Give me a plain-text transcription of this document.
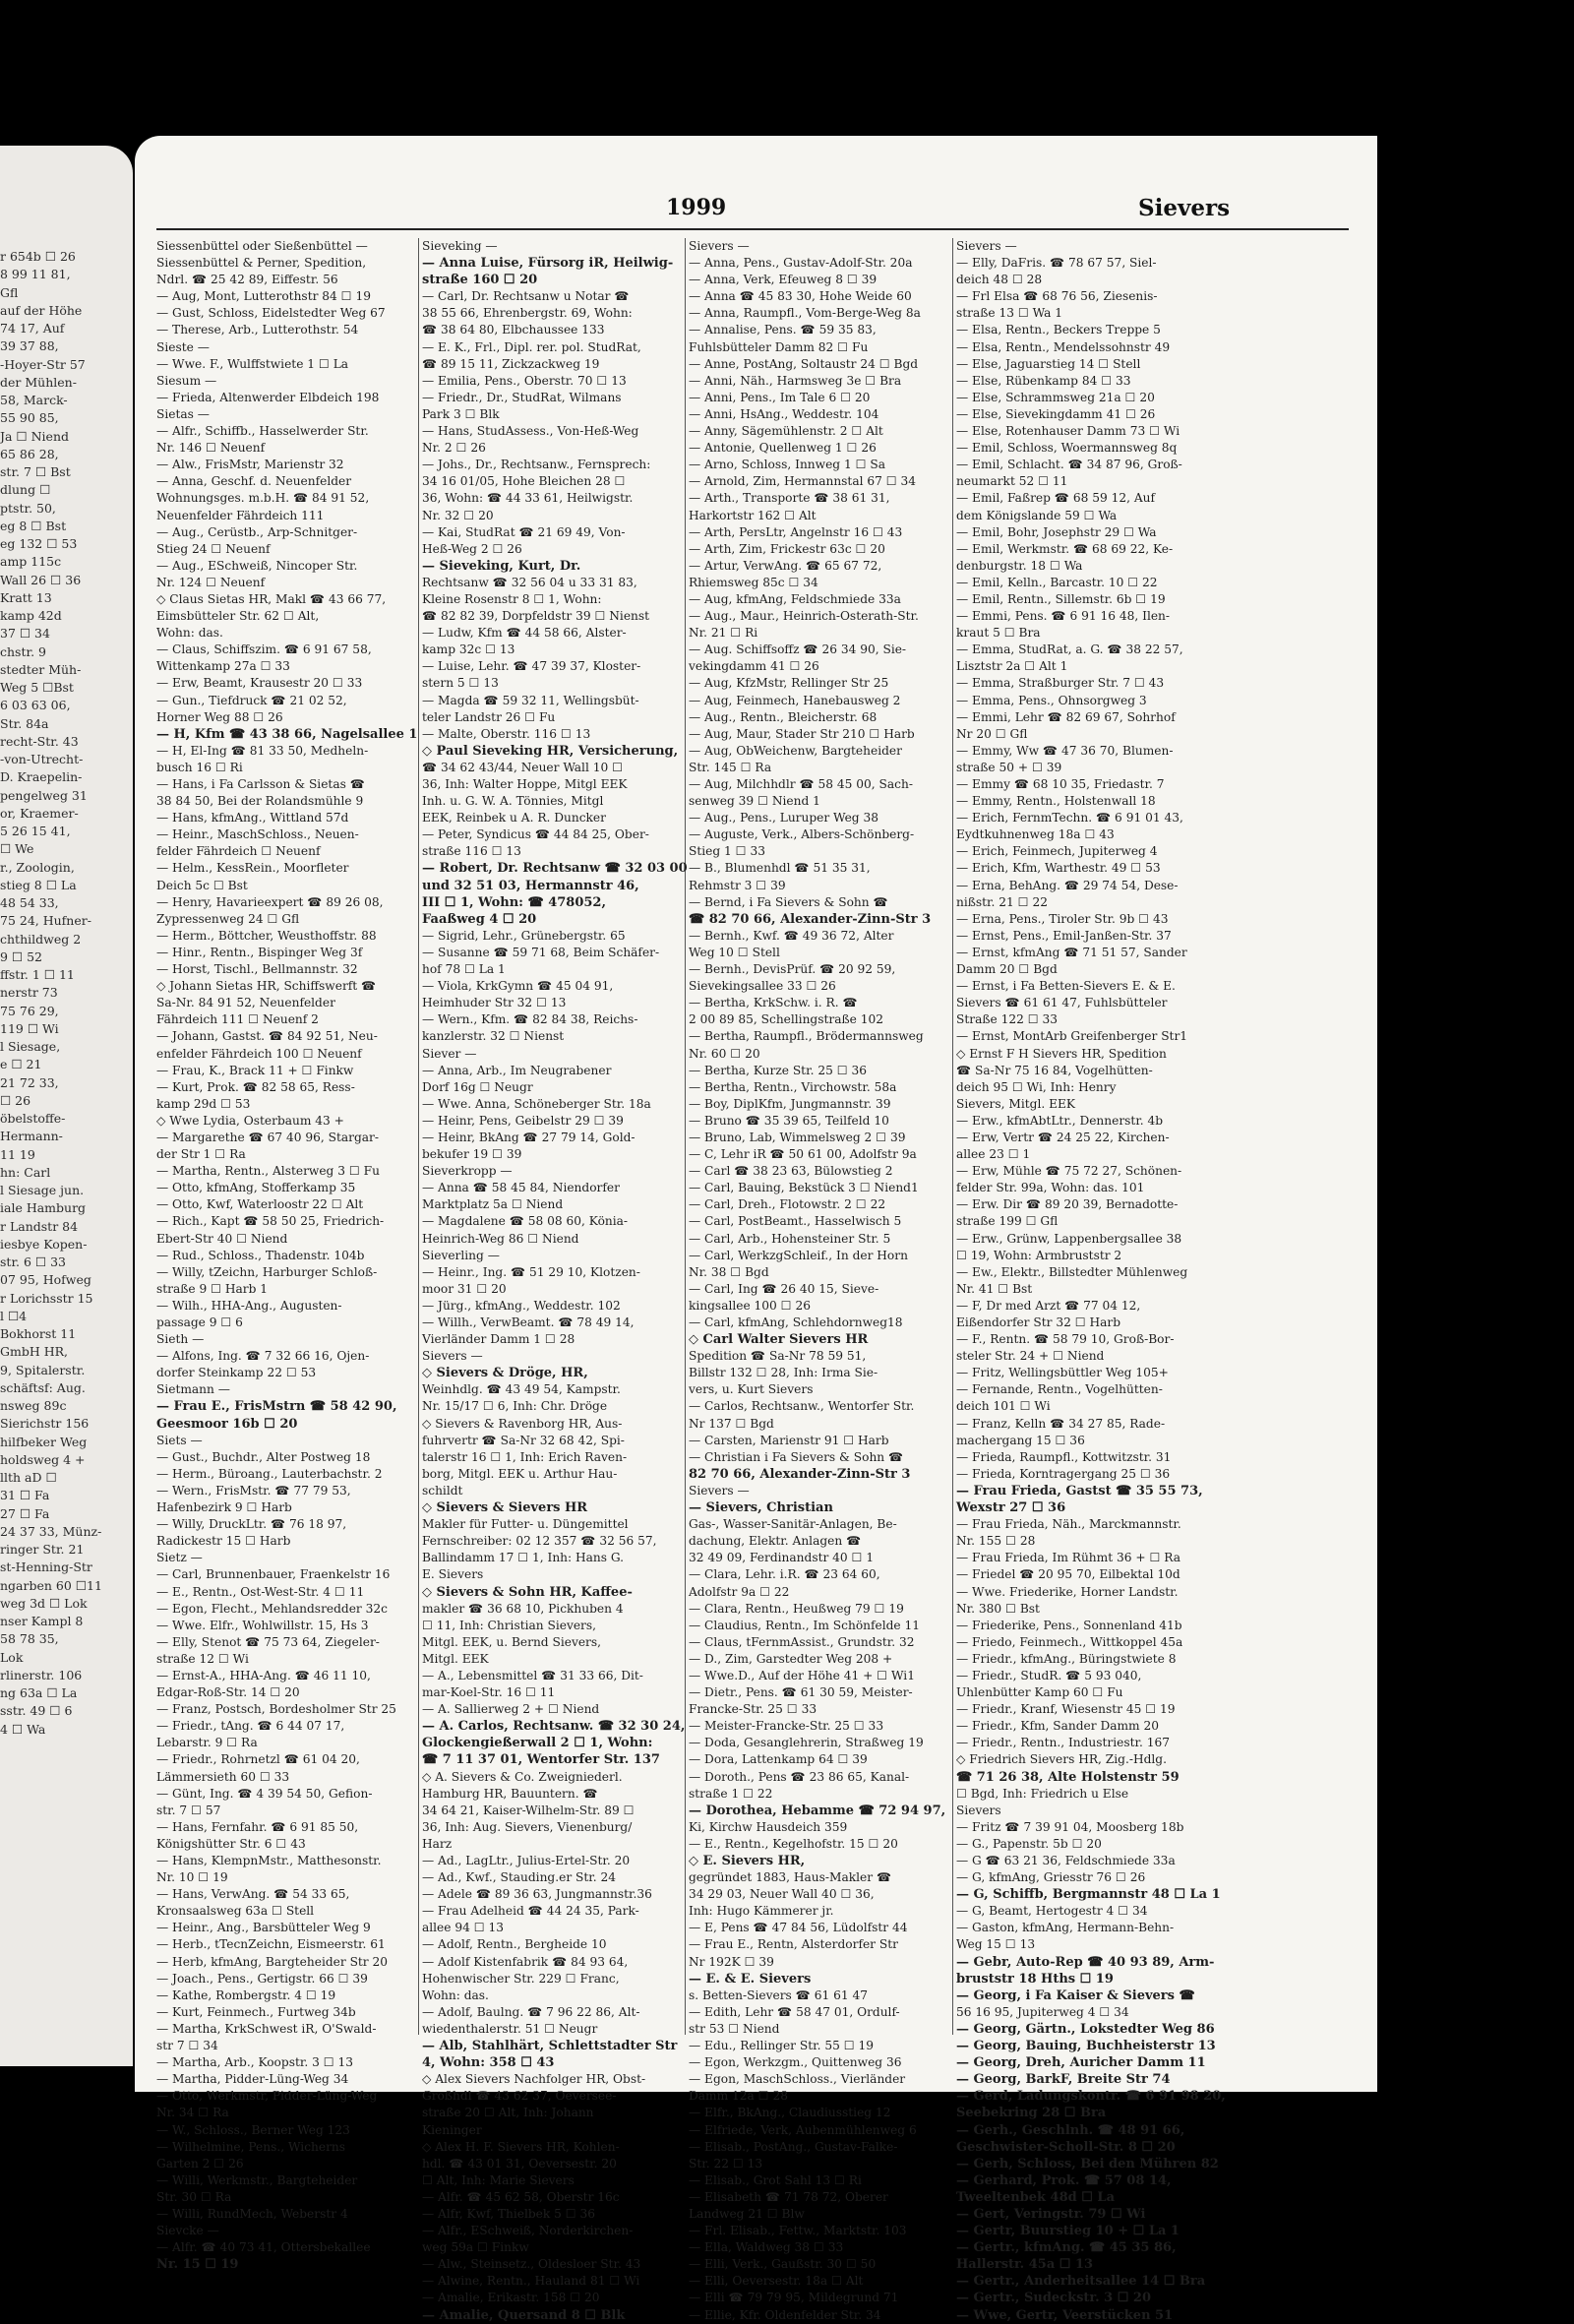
r 654b ☐ 26
8 99 11 81,
Gfl
auf der Höhe
74 17, Auf
39 37 88,
-Hoyer-Str 57
der Mühlen-
58, Marck-
55 90 85,
Ja ☐ Niend
65 86 28,
str. 7 ☐ Bst
dlung ☐
ptstr. 50,
eg 8 ☐ Bst
eg 132 ☐ 53
amp 115c
Wall 26 ☐ 36
Kratt 13
kamp 42d
37 ☐ 34
chstr. 9
stedter Müh-
Weg 5 ☐Bst
6 03 63 06,
Str. 84a
recht-Str. 43
-von-Utrecht-
D. Kraepelin-
pengelweg 31
or, Kraemer-
5 26 15 41,
☐ We
r., Zoologin,
stieg 8 ☐ La
48 54 33,
75 24, Hufner-
chthildweg 2
9 ☐ 52
ffstr. 1 ☐ 11
nerstr 73
75 76 29,
119 ☐ Wi
l Siesage,
e ☐ 21
21 72 33,
☐ 26
öbelstoffe-
Hermann-
11 19
hn: Carl
l Siesage jun.
iale Hamburg
r Landstr 84
iesbye Kopen-
str. 6 ☐ 33
07 95, Hofweg
r Lorichsstr 15
l ☐4
Bokhorst 11
GmbH HR,
9, Spitalerstr.
schäftsf: Aug.
nsweg 89c
Sierichstr 156
hilfbeker Weg
holdsweg 4 +
llth aD ☐
31 ☐ Fa
27 ☐ Fa
24 37 33, Münz-
ringer Str. 21
st-Henning-Str
ngarben 60 ☐11
weg 3d ☐ Lok
nser Kampl 8
58 78 35,
Lok
rlinerstr. 106
ng 63a ☐ La
sstr. 49 ☐ 6
4 ☐ Wa
1999	Sievers
Siessenbüttel oder Sießenbüttel —
Siessenbüttel & Perner, Spedition,
Ndrl. ☎ 25 42 89, Eiffestr. 56
— Aug, Mont, Lutterothstr 84 ☐ 19
— Gust, Schloss, Eidelstedter Weg 67
— Therese, Arb., Lutterothstr. 54
Sieste —
— Wwe. F., Wulffstwiete 1 ☐ La
Siesum —
— Frieda, Altenwerder Elbdeich 198
Sietas —
— Alfr., Schiffb., Hasselwerder Str.
Nr. 146 ☐ Neuenf
— Alw., FrisMstr, Marienstr 32
— Anna, Geschf. d. Neuenfelder
Wohnungsges. m.b.H. ☎ 84 91 52,
Neuenfelder Fährdeich 111
— Aug., Cerüstb., Arp-Schnitger-
Stieg 24 ☐ Neuenf
— Aug., ESchweiß, Nincoper Str.
Nr. 124 ☐ Neuenf
◇ Claus Sietas HR, Makl ☎ 43 66 77,
Eimsbütteler Str. 62 ☐ Alt,
Wohn: das.
— Claus, Schiffszim. ☎ 6 91 67 58,
Wittenkamp 27a ☐ 33
— Erw, Beamt, Krausestr 20 ☐ 33
— Gun., Tiefdruck ☎ 21 02 52,
Horner Weg 88 ☐ 26
— H, Kfm ☎ 43 38 66, Nagelsallee 1
— H, El-Ing ☎ 81 33 50, Medheln-
busch 16 ☐ Ri
— Hans, i Fa Carlsson & Sietas ☎
38 84 50, Bei der Rolandsmühle 9
— Hans, kfmAng., Wittland 57d
— Heinr., MaschSchloss., Neuen-
felder Fährdeich ☐ Neuenf
— Helm., KessRein., Moorfleter
Deich 5c ☐ Bst
— Henry, Havarieexpert ☎ 89 26 08,
Zypressenweg 24 ☐ Gfl
— Herm., Böttcher, Weusthoffstr. 88
— Hinr., Rentn., Bispinger Weg 3f
— Horst, Tischl., Bellmannstr. 32
◇ Johann Sietas HR, Schiffswerft ☎
Sa-Nr. 84 91 52, Neuenfelder
Fährdeich 111 ☐ Neuenf 2
— Johann, Gastst. ☎ 84 92 51, Neu-
enfelder Fährdeich 100 ☐ Neuenf
— Frau, K., Brack 11 + ☐ Finkw
— Kurt, Prok. ☎ 82 58 65, Ress-
kamp 29d ☐ 53
◇ Wwe Lydia, Osterbaum 43 +
— Margarethe ☎ 67 40 96, Stargar-
der Str 1 ☐ Ra
— Martha, Rentn., Alsterweg 3 ☐ Fu
— Otto, kfmAng, Stofferkamp 35
— Otto, Kwf, Waterloostr 22 ☐ Alt
— Rich., Kapt ☎ 58 50 25, Friedrich-
Ebert-Str 40 ☐ Niend
— Rud., Schloss., Thadenstr. 104b
— Willy, tZeichn, Harburger Schloß-
straße 9 ☐ Harb 1
— Wilh., HHA-Ang., Augusten-
passage 9 ☐ 6
Sieth —
— Alfons, Ing. ☎ 7 32 66 16, Ojen-
dorfer Steinkamp 22 ☐ 53
Sietmann —
— Frau E., FrisMstrn ☎ 58 42 90,
Geesmoor 16b ☐ 20
Siets —
— Gust., Buchdr., Alter Postweg 18
— Herm., Büroang., Lauterbachstr. 2
— Wern., FrisMstr. ☎ 77 79 53,
Hafenbezirk 9 ☐ Harb
— Willy, DruckLtr. ☎ 76 18 97,
Radickestr 15 ☐ Harb
Sietz —
— Carl, Brunnenbauer, Fraenkelstr 16
— E., Rentn., Ost-West-Str. 4 ☐ 11
— Egon, Flecht., Mehlandsredder 32c
— Wwe. Elfr., Wohlwillstr. 15, Hs 3
— Elly, Stenot ☎ 75 73 64, Ziegeler-
straße 12 ☐ Wi
— Ernst-A., HHA-Ang. ☎ 46 11 10,
Edgar-Roß-Str. 14 ☐ 20
— Franz, Postsch, Bordesholmer Str 25
— Friedr., tAng. ☎ 6 44 07 17,
Lebarstr. 9 ☐ Ra
— Friedr., Rohrnetzl ☎ 61 04 20,
Lämmersieth 60 ☐ 33
— Günt, Ing. ☎ 4 39 54 50, Gefion-
str. 7 ☐ 57
— Hans, Fernfahr. ☎ 6 91 85 50,
Königshütter Str. 6 ☐ 43
— Hans, KlempnMstr., Matthesonstr.
Nr. 10 ☐ 19
— Hans, VerwAng. ☎ 54 33 65,
Kronsaalsweg 63a ☐ Stell
— Heinr., Ang., Barsbütteler Weg 9
— Herb., tTecnZeichn, Eismeerstr. 61
— Herb, kfmAng, Bargteheider Str 20
— Joach., Pens., Gertigstr. 66 ☐ 39
— Kathe, Rombergstr. 4 ☐ 19
— Kurt, Feinmech., Furtweg 34b
— Martha, KrkSchwest iR, O'Swald-
str 7 ☐ 34
— Martha, Arb., Koopstr. 3 ☐ 13
— Martha, Pidder-Lüng-Weg 34
— Otto, Werkmstr, Pidder-Lüng-Weg
Nr. 34 ☐ Ra
— W., Schloss., Berner Weg 123
— Wilhelmine, Pens., Wicherns
Garten 2 ☐ 26
— Willi, Werkmstr., Bargteheider
Str. 30 ☐ Ra
— Willi, RundMech, Weberstr 4
Sievcke —
— Alfr. ☎ 40 73 41, Ottersbekallee
Nr. 15 ☐ 19
Sieveking —
— Anna Luise, Fürsorg iR, Heilwig-
straße 160 ☐ 20
— Carl, Dr. Rechtsanw u Notar ☎
38 55 66, Ehrenbergstr. 69, Wohn:
☎ 38 64 80, Elbchaussee 133
— E. K., Frl., Dipl. rer. pol. StudRat,
☎ 89 15 11, Zickzackweg 19
— Emilia, Pens., Oberstr. 70 ☐ 13
— Friedr., Dr., StudRat, Wilmans
Park 3 ☐ Blk
— Hans, StudAssess., Von-Heß-Weg
Nr. 2 ☐ 26
— Johs., Dr., Rechtsanw., Fernsprech:
34 16 01/05, Hohe Bleichen 28 ☐
36, Wohn: ☎ 44 33 61, Heilwigstr.
Nr. 32 ☐ 20
— Kai, StudRat ☎ 21 69 49, Von-
Heß-Weg 2 ☐ 26
— Sieveking, Kurt, Dr.
Rechtsanw ☎ 32 56 04 u 33 31 83,
Kleine Rosenstr 8 ☐ 1, Wohn:
☎ 82 82 39, Dorpfeldstr 39 ☐ Nienst
— Ludw, Kfm ☎ 44 58 66, Alster-
kamp 32c ☐ 13
— Luise, Lehr. ☎ 47 39 37, Kloster-
stern 5 ☐ 13
— Magda ☎ 59 32 11, Wellingsbüt-
teler Landstr 26 ☐ Fu
— Malte, Oberstr. 116 ☐ 13
◇ Paul Sieveking HR, Versicherung,
☎ 34 62 43/44, Neuer Wall 10 ☐
36, Inh: Walter Hoppe, Mitgl EEK
Inh. u. G. W. A. Tönnies, Mitgl
EEK, Reinbek u A. R. Duncker
— Peter, Syndicus ☎ 44 84 25, Ober-
straße 116 ☐ 13
— Robert, Dr. Rechtsanw ☎ 32 03 00
und 32 51 03, Hermannstr 46,
III ☐ 1, Wohn: ☎ 478052,
Faaßweg 4 ☐ 20
— Sigrid, Lehr., Grünebergstr. 65
— Susanne ☎ 59 71 68, Beim Schäfer-
hof 78 ☐ La 1
— Viola, KrkGymn ☎ 45 04 91,
Heimhuder Str 32 ☐ 13
— Wern., Kfm. ☎ 82 84 38, Reichs-
kanzlerstr. 32 ☐ Nienst
Siever —
— Anna, Arb., Im Neugrabener
Dorf 16g ☐ Neugr
— Wwe. Anna, Schöneberger Str. 18a
— Heinr, Pens, Geibelstr 29 ☐ 39
— Heinr, BkAng ☎ 27 79 14, Gold-
bekufer 19 ☐ 39
Sieverkropp —
— Anna ☎ 58 45 84, Niendorfer
Marktplatz 5a ☐ Niend
— Magdalene ☎ 58 08 60, Könia-
Heinrich-Weg 86 ☐ Niend
Sieverling —
— Heinr., Ing. ☎ 51 29 10, Klotzen-
moor 31 ☐ 20
— Jürg., kfmAng., Weddestr. 102
— Willh., VerwBeamt. ☎ 78 49 14,
Vierländer Damm 1 ☐ 28
Sievers —
◇ Sievers & Dröge, HR,
Weinhdlg. ☎ 43 49 54, Kampstr.
Nr. 15/17 ☐ 6, Inh: Chr. Dröge
◇ Sievers & Ravenborg HR, Aus-
fuhrvertr ☎ Sa-Nr 32 68 42, Spi-
talerstr 16 ☐ 1, Inh: Erich Raven-
borg, Mitgl. EEK u. Arthur Hau-
schildt
◇ Sievers & Sievers HR
Makler für Futter- u. Düngemittel
Fernschreiber: 02 12 357 ☎ 32 56 57,
Ballindamm 17 ☐ 1, Inh: Hans G.
E. Sievers
◇ Sievers & Sohn HR, Kaffee-
makler ☎ 36 68 10, Pickhuben 4
☐ 11, Inh: Christian Sievers,
Mitgl. EEK, u. Bernd Sievers,
Mitgl. EEK
— A., Lebensmittel ☎ 31 33 66, Dit-
mar-Koel-Str. 16 ☐ 11
— A. Sallierweg 2 + ☐ Niend
— A. Carlos, Rechtsanw. ☎ 32 30 24,
Glockengießerwall 2 ☐ 1, Wohn:
☎ 7 11 37 01, Wentorfer Str. 137
◇ A. Sievers & Co. Zweigniederl.
Hamburg HR, Bauuntern. ☎
34 64 21, Kaiser-Wilhelm-Str. 89 ☐
36, Inh: Aug. Sievers, Vienenburg/
Harz
— Ad., LagLtr., Julius-Ertel-Str. 20
— Ad., Kwf., Stauding.er Str. 24
— Adele ☎ 89 36 63, Jungmannstr.36
— Frau Adelheid ☎ 44 24 35, Park-
allee 94 ☐ 13
— Adolf, Rentn., Bergheide 10
— Adolf Kistenfabrik ☎ 84 93 64,
Hohenwischer Str. 229 ☐ Franc,
Wohn: das.
— Adolf, Baulng. ☎ 7 96 22 86, Alt-
wiedenthalerstr. 51 ☐ Neugr
— Alb, Stahlhärt, Schlettstadter Str
4, Wohn: 358 ☐ 43
◇ Alex Sievers Nachfolger HR, Obst-
Großhdl ☎ 43 62 37, Oeversee-
straße 20 ☐ Alt, Inh: Johann
Kieninger
◇ Alex H. F. Sievers HR, Kohlen-
hdl. ☎ 43 01 31, Oeversestr. 20
☐ Alt, Inh: Marie Sievers
— Alfr. ☎ 45 62 58, Oberstr 16c
— Alfr, Kwf, Thielbek 5 ☐ 36
— Alfr., ESchweiß, Norderkirchen-
weg 59a ☐ Finkw
— Alw., Steinsetz., Oldesloer Str. 43
— Alwine, Rentn., Hauland 81 ☐ Wi
— Amalie, Erikastr. 158 ☐ 20
— Amalie, Quersand 8 ☐ Blk
Sievers —
— Anna, Pens., Gustav-Adolf-Str. 20a
— Anna, Verk, Efeuweg 8 ☐ 39
— Anna ☎ 45 83 30, Hohe Weide 60
— Anna, Raumpfl., Vom-Berge-Weg 8a
— Annalise, Pens. ☎ 59 35 83,
Fuhlsbütteler Damm 82 ☐ Fu
— Anne, PostAng, Soltaustr 24 ☐ Bgd
— Anni, Näh., Harmsweg 3e ☐ Bra
— Anni, Pens., Im Tale 6 ☐ 20
— Anni, HsAng., Weddestr. 104
— Anny, Sägemühlenstr. 2 ☐ Alt
— Antonie, Quellenweg 1 ☐ 26
— Arno, Schloss, Innweg 1 ☐ Sa
— Arnold, Zim, Hermannstal 67 ☐ 34
— Arth., Transporte ☎ 38 61 31,
Harkortstr 162 ☐ Alt
— Arth, PersLtr, Angelnstr 16 ☐ 43
— Arth, Zim, Frickestr 63c ☐ 20
— Artur, VerwAng. ☎ 65 67 72,
Rhiemsweg 85c ☐ 34
— Aug, kfmAng, Feldschmiede 33a
— Aug., Maur., Heinrich-Osterath-Str.
Nr. 21 ☐ Ri
— Aug. Schiffsoffz ☎ 26 34 90, Sie-
vekingdamm 41 ☐ 26
— Aug, KfzMstr, Rellinger Str 25
— Aug, Feinmech, Hanebausweg 2
— Aug., Rentn., Bleicherstr. 68
— Aug, Maur, Stader Str 210 ☐ Harb
— Aug, ObWeichenw, Bargteheider
Str. 145 ☐ Ra
— Aug, Milchhdlr ☎ 58 45 00, Sach-
senweg 39 ☐ Niend 1
— Aug., Pens., Luruper Weg 38
— Auguste, Verk., Albers-Schönberg-
Stieg 1 ☐ 33
— B., Blumenhdl ☎ 51 35 31,
Rehmstr 3 ☐ 39
— Bernd, i Fa Sievers & Sohn ☎
☎ 82 70 66, Alexander-Zinn-Str 3
— Bernh., Kwf. ☎ 49 36 72, Alter
Weg 10 ☐ Stell
— Bernh., DevisPrüf. ☎ 20 92 59,
Sievekingsallee 33 ☐ 26
— Bertha, KrkSchw. i. R. ☎
2 00 89 85, Schellingstraße 102
— Bertha, Raumpfl., Brödermannsweg
Nr. 60 ☐ 20
— Bertha, Kurze Str. 25 ☐ 36
— Bertha, Rentn., Virchowstr. 58a
— Boy, DiplKfm, Jungmannstr. 39
— Bruno ☎ 35 39 65, Teilfeld 10
— Bruno, Lab, Wimmelsweg 2 ☐ 39
— C, Lehr iR ☎ 50 61 00, Adolfstr 9a
— Carl ☎ 38 23 63, Bülowstieg 2
— Carl, Bauing, Bekstück 3 ☐ Niend1
— Carl, Dreh., Flotowstr. 2 ☐ 22
— Carl, PostBeamt., Hasselwisch 5
— Carl, Arb., Hohensteiner Str. 5
— Carl, WerkzgSchleif., In der Horn
Nr. 38 ☐ Bgd
— Carl, Ing ☎ 26 40 15, Sieve-
kingsallee 100 ☐ 26
— Carl, kfmAng, Schlehdornweg18
◇ Carl Walter Sievers HR
Spedition ☎ Sa-Nr 78 59 51,
Billstr 132 ☐ 28, Inh: Irma Sie-
vers, u. Kurt Sievers
— Carlos, Rechtsanw., Wentorfer Str.
Nr 137 ☐ Bgd
— Carsten, Marienstr 91 ☐ Harb
— Christian i Fa Sievers & Sohn ☎
82 70 66, Alexander-Zinn-Str 3
Sievers —
— Sievers, Christian
Gas-, Wasser-Sanitär-Anlagen, Be-
dachung, Elektr. Anlagen ☎
32 49 09, Ferdinandstr 40 ☐ 1
— Clara, Lehr. i.R. ☎ 23 64 60,
Adolfstr 9a ☐ 22
— Clara, Rentn., Heußweg 79 ☐ 19
— Claudius, Rentn., Im Schönfelde 11
— Claus, tFernmAssist., Grundstr. 32
— D., Zim, Garstedter Weg 208 +
— Wwe.D., Auf der Höhe 41 + ☐ Wi1
— Dietr., Pens. ☎ 61 30 59, Meister-
Francke-Str. 25 ☐ 33
— Meister-Francke-Str. 25 ☐ 33
— Doda, Gesanglehrerin, Straßweg 19
— Dora, Lattenkamp 64 ☐ 39
— Doroth., Pens ☎ 23 86 65, Kanal-
straße 1 ☐ 22
— Dorothea, Hebamme ☎ 72 94 97,
Ki, Kirchw Hausdeich 359
— E., Rentn., Kegelhofstr. 15 ☐ 20
◇ E. Sievers HR,
gegründet 1883, Haus-Makler ☎
34 29 03, Neuer Wall 40 ☐ 36,
Inh: Hugo Kämmerer jr.
— E, Pens ☎ 47 84 56, Lüdolfstr 44
— Frau E., Rentn, Alsterdorfer Str
Nr 192K ☐ 39
— E. & E. Sievers
s. Betten-Sievers ☎ 61 61 47
— Edith, Lehr ☎ 58 47 01, Ordulf-
str 53 ☐ Niend
— Edu., Rellinger Str. 55 ☐ 19
— Egon, Werkzgm., Quittenweg 36
— Egon, MaschSchloss., Vierländer
Damm 12a ☐ 28
— Elfr., BkAng., Claudiusstieg 12
— Elfriede, Verk, Aubenmühlenweg 6
— Elisab., PostAng., Gustav-Falke-
Str. 22 ☐ 13
— Elisab., Grot Sahl 13 ☐ Ri
— Elisabeth ☎ 71 78 72, Oberer
Landweg 21 ☐ Blw
— Frl. Elisab., Fettw., Marktstr. 103
— Ella, Waldweg 38 ☐ 33
— Elli, Verk., Gaußstr. 30 ☐ 50
— Elli, Oeversestr. 18a ☐ Alt
— Elli ☎ 79 79 95, Mildegrund 71
— Ellie, Kfr. Oldenfelder Str. 34
Sievers —
— Elly, DaFris. ☎ 78 67 57, Siel-
deich 48 ☐ 28
— Frl Elsa ☎ 68 76 56, Ziesenis-
straße 13 ☐ Wa 1
— Elsa, Rentn., Beckers Treppe 5
— Elsa, Rentn., Mendelssohnstr 49
— Else, Jaguarstieg 14 ☐ Stell
— Else, Rübenkamp 84 ☐ 33
— Else, Schrammsweg 21a ☐ 20
— Else, Sievekingdamm 41 ☐ 26
— Else, Rotenhauser Damm 73 ☐ Wi
— Emil, Schloss, Woermannsweg 8q
— Emil, Schlacht. ☎ 34 87 96, Groß-
neumarkt 52 ☐ 11
— Emil, Faßrep ☎ 68 59 12, Auf
dem Königslande 59 ☐ Wa
— Emil, Bohr, Josephstr 29 ☐ Wa
— Emil, Werkmstr. ☎ 68 69 22, Ke-
denburgstr. 18 ☐ Wa
— Emil, Kelln., Barcastr. 10 ☐ 22
— Emil, Rentn., Sillemstr. 6b ☐ 19
— Emmi, Pens. ☎ 6 91 16 48, Ilen-
kraut 5 ☐ Bra
— Emma, StudRat, a. G. ☎ 38 22 57,
Lisztstr 2a ☐ Alt 1
— Emma, Straßburger Str. 7 ☐ 43
— Emma, Pens., Ohnsorgweg 3
— Emmi, Lehr ☎ 82 69 67, Sohrhof
Nr 20 ☐ Gfl
— Emmy, Ww ☎ 47 36 70, Blumen-
straße 50 + ☐ 39
— Emmy ☎ 68 10 35, Friedastr. 7
— Emmy, Rentn., Holstenwall 18
— Erich, FernmTechn. ☎ 6 91 01 43,
Eydtkuhnenweg 18a ☐ 43
— Erich, Feinmech, Jupiterweg 4
— Erich, Kfm, Warthestr. 49 ☐ 53
— Erna, BehAng. ☎ 29 74 54, Dese-
nißstr. 21 ☐ 22
— Erna, Pens., Tiroler Str. 9b ☐ 43
— Ernst, Pens., Emil-Janßen-Str. 37
— Ernst, kfmAng ☎ 71 51 57, Sander
Damm 20 ☐ Bgd
— Ernst, i Fa Betten-Sievers E. & E.
Sievers ☎ 61 61 47, Fuhlsbütteler
Straße 122 ☐ 33
— Ernst, MontArb Greifenberger Str1
◇ Ernst F H Sievers HR, Spedition
☎ Sa-Nr 75 16 84, Vogelhütten-
deich 95 ☐ Wi, Inh: Henry
Sievers, Mitgl. EEK
— Erw., kfmAbtLtr., Dennerstr. 4b
— Erw, Vertr ☎ 24 25 22, Kirchen-
allee 23 ☐ 1
— Erw, Mühle ☎ 75 72 27, Schönen-
felder Str. 99a, Wohn: das. 101
— Erw. Dir ☎ 89 20 39, Bernadotte-
straße 199 ☐ Gfl
— Erw., Grünw, Lappenbergsallee 38
☐ 19, Wohn: Armbruststr 2
— Ew., Elektr., Billstedter Mühlenweg
Nr. 41 ☐ Bst
— F, Dr med Arzt ☎ 77 04 12,
Eißendorfer Str 32 ☐ Harb
— F., Rentn. ☎ 58 79 10, Groß-Bor-
steler Str. 24 + ☐ Niend
— Fritz, Wellingsbüttler Weg 105+
— Fernande, Rentn., Vogelhütten-
deich 101 ☐ Wi
— Franz, Kelln ☎ 34 27 85, Rade-
machergang 15 ☐ 36
— Frieda, Raumpfl., Kottwitzstr. 31
— Frieda, Korntragergang 25 ☐ 36
— Frau Frieda, Gastst ☎ 35 55 73,
Wexstr 27 ☐ 36
— Frau Frieda, Näh., Marckmannstr.
Nr. 155 ☐ 28
— Frau Frieda, Im Rühmt 36 + ☐ Ra
— Friedel ☎ 20 95 70, Eilbektal 10d
— Wwe. Friederike, Horner Landstr.
Nr. 380 ☐ Bst
— Friederike, Pens., Sonnenland 41b
— Friedo, Feinmech., Wittkoppel 45a
— Friedr., kfmAng., Büringstwiete 8
— Friedr., StudR. ☎ 5 93 040,
Uhlenbütter Kamp 60 ☐ Fu
— Friedr., Kranf, Wiesenstr 45 ☐ 19
— Friedr., Kfm, Sander Damm 20
— Friedr., Rentn., Industriestr. 167
◇ Friedrich Sievers HR, Zig.-Hdlg.
☎ 71 26 38, Alte Holstenstr 59
☐ Bgd, Inh: Friedrich u Else
Sievers
— Fritz ☎ 7 39 91 04, Moosberg 18b
— G., Papenstr. 5b ☐ 20
— G ☎ 63 21 36, Feldschmiede 33a
— G, kfmAng, Griesstr 76 ☐ 26
— G, Schiffb, Bergmannstr 48 ☐ La 1
— G, Beamt, Hertogestr 4 ☐ 34
— Gaston, kfmAng, Hermann-Behn-
Weg 15 ☐ 13
— Gebr, Auto-Rep ☎ 40 93 89, Arm-
bruststr 18 Hths ☐ 19
— Georg, i Fa Kaiser & Sievers ☎
56 16 95, Jupiterweg 4 ☐ 34
— Georg, Gärtn., Lokstedter Weg 86
— Georg, Bauing, Buchheisterstr 13
— Georg, Dreh, Auricher Damm 11
— Georg, BarkF, Breite Str 74
— Gerd, Ladungskontr. ☎ 6 91 98 20,
Seebekring 28 ☐ Bra
— Gerh., Geschlnh. ☎ 48 91 66,
Geschwister-Scholl-Str. 8 ☐ 20
— Gerh, Schloss, Bei den Mühren 82
— Gerhard, Prok. ☎ 57 08 14,
Tweeltenbek 48d ☐ La
— Gert, Veringstr. 79 ☐ Wi
— Gertr, Buurstieg 10 + ☐ La 1
— Gertr., kfmAng. ☎ 45 35 86,
Hallerstr. 45a ☐ 13
— Gertr., Anderheitsallee 14 ☐ Bra
— Gertr., Sudeckstr. 3 ☐ 20
— Wwe, Gertr, Veerstücken 51
